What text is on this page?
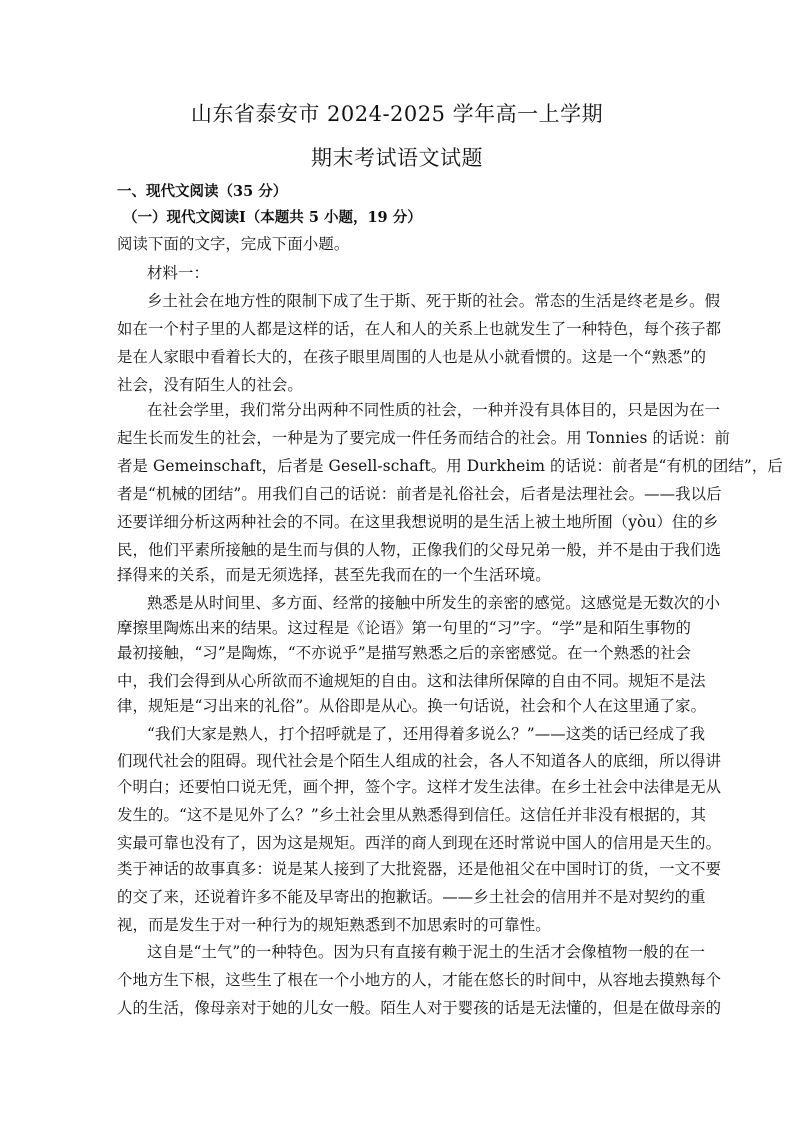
山东省泰安市 2024-2025 学年高一上学期
期末考试语文试题
一、现代文阅读（35 分）
（一）现代文阅读Ⅰ（本题共 5 小题，19 分）
阅读下面的文字，完成下面小题。
材料一：
乡土社会在地方性的限制下成了生于斯、死于斯的社会。常态的生活是终老是乡。假
如在一个村子里的人都是这样的话，在人和人的关系上也就发生了一种特色，每个孩子都
是在人家眼中看着长大的，在孩子眼里周围的人也是从小就看惯的。这是一个“熟悉”的
社会，没有陌生人的社会。
在社会学里，我们常分出两种不同性质的社会，一种并没有具体目的，只是因为在一
起生长而发生的社会，一种是为了要完成一件任务而结合的社会。用 Tonnies 的话说：前
者是 Gemeinschaft，后者是 Gesell-schaft。用 Durkheim 的话说：前者是“有机的团结”，后
者是“机械的团结”。用我们自己的话说：前者是礼俗社会，后者是法理社会。——我以后
还要详细分析这两种社会的不同。在这里我想说明的是生活上被土地所囿（yòu）住的乡
民，他们平素所接触的是生而与俱的人物，正像我们的父母兄弟一般，并不是由于我们选
择得来的关系，而是无须选择，甚至先我而在的一个生活环境。
熟悉是从时间里、多方面、经常的接触中所发生的亲密的感觉。这感觉是无数次的小
摩擦里陶炼出来的结果。这过程是《论语》第一句里的“习”字。“学”是和陌生事物的
最初接触，“习”是陶炼，“不亦说乎”是描写熟悉之后的亲密感觉。在一个熟悉的社会
中，我们会得到从心所欲而不逾规矩的自由。这和法律所保障的自由不同。规矩不是法
律，规矩是“习出来的礼俗”。从俗即是从心。换一句话说，社会和个人在这里通了家。
“我们大家是熟人，打个招呼就是了，还用得着多说么？”——这类的话已经成了我
们现代社会的阻碍。现代社会是个陌生人组成的社会，各人不知道各人的底细，所以得讲
个明白；还要怕口说无凭，画个押，签个字。这样才发生法律。在乡土社会中法律是无从
发生的。“这不是见外了么？”乡土社会里从熟悉得到信任。这信任并非没有根据的，其
实最可靠也没有了，因为这是规矩。西洋的商人到现在还时常说中国人的信用是天生的。
类于神话的故事真多：说是某人接到了大批瓷器，还是他祖父在中国时订的货，一文不要
的交了来，还说着许多不能及早寄出的抱歉话。——乡土社会的信用并不是对契约的重
视，而是发生于对一种行为的规矩熟悉到不加思索时的可靠性。
这自是“土气”的一种特色。因为只有直接有赖于泥土的生活才会像植物一般的在一
个地方生下根，这些生了根在一个小地方的人，才能在悠长的时间中，从容地去摸熟每个
人的生活，像母亲对于她的儿女一般。陌生人对于婴孩的话是无法懂的，但是在做母亲的
